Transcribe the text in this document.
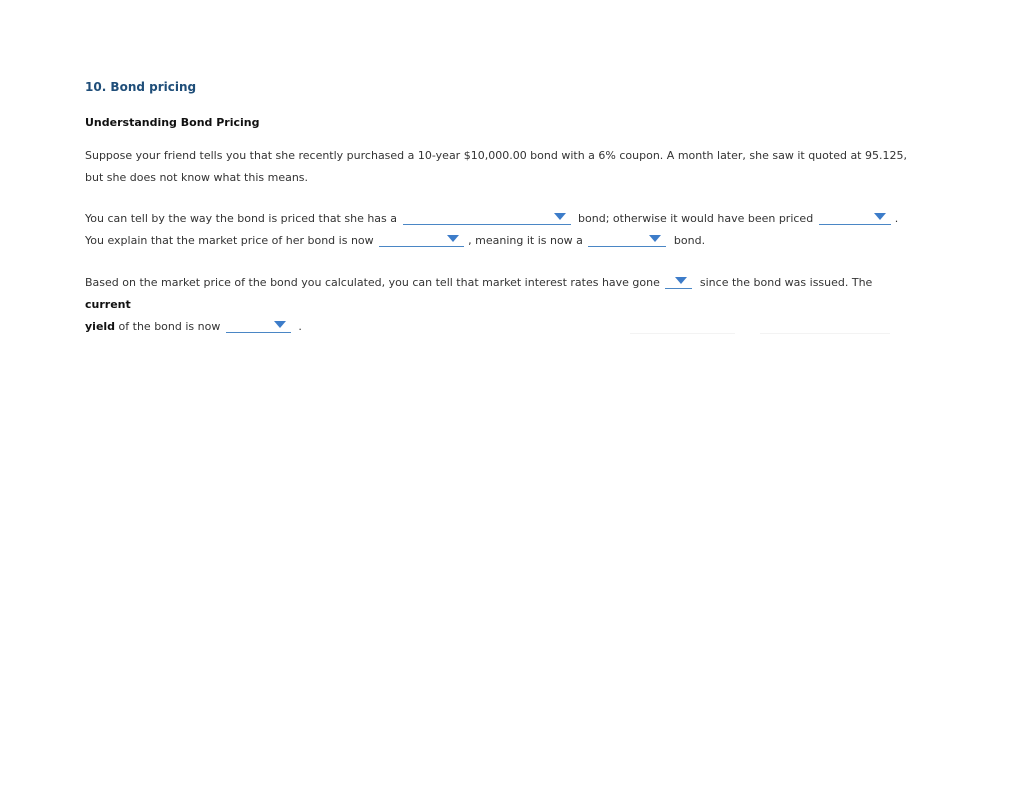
10. Bond pricing

Understanding Bond Pricing

Suppose your friend tells you that she recently purchased a 10-year $10,000.00 bond with a 6% coupon. A month later, she saw it quoted at 95.125,
but she does not know what this means.
You can tell by the way the bond is priced that she has a	bond; otherwise it would have been priced	.
You explain that the market price of her bond is now	, meaning it is now a	bond.
Based on the market price of the bond you calculated, you can tell that market interest rates have gone	since the bond was issued. The current
yield of the bond is now	.
